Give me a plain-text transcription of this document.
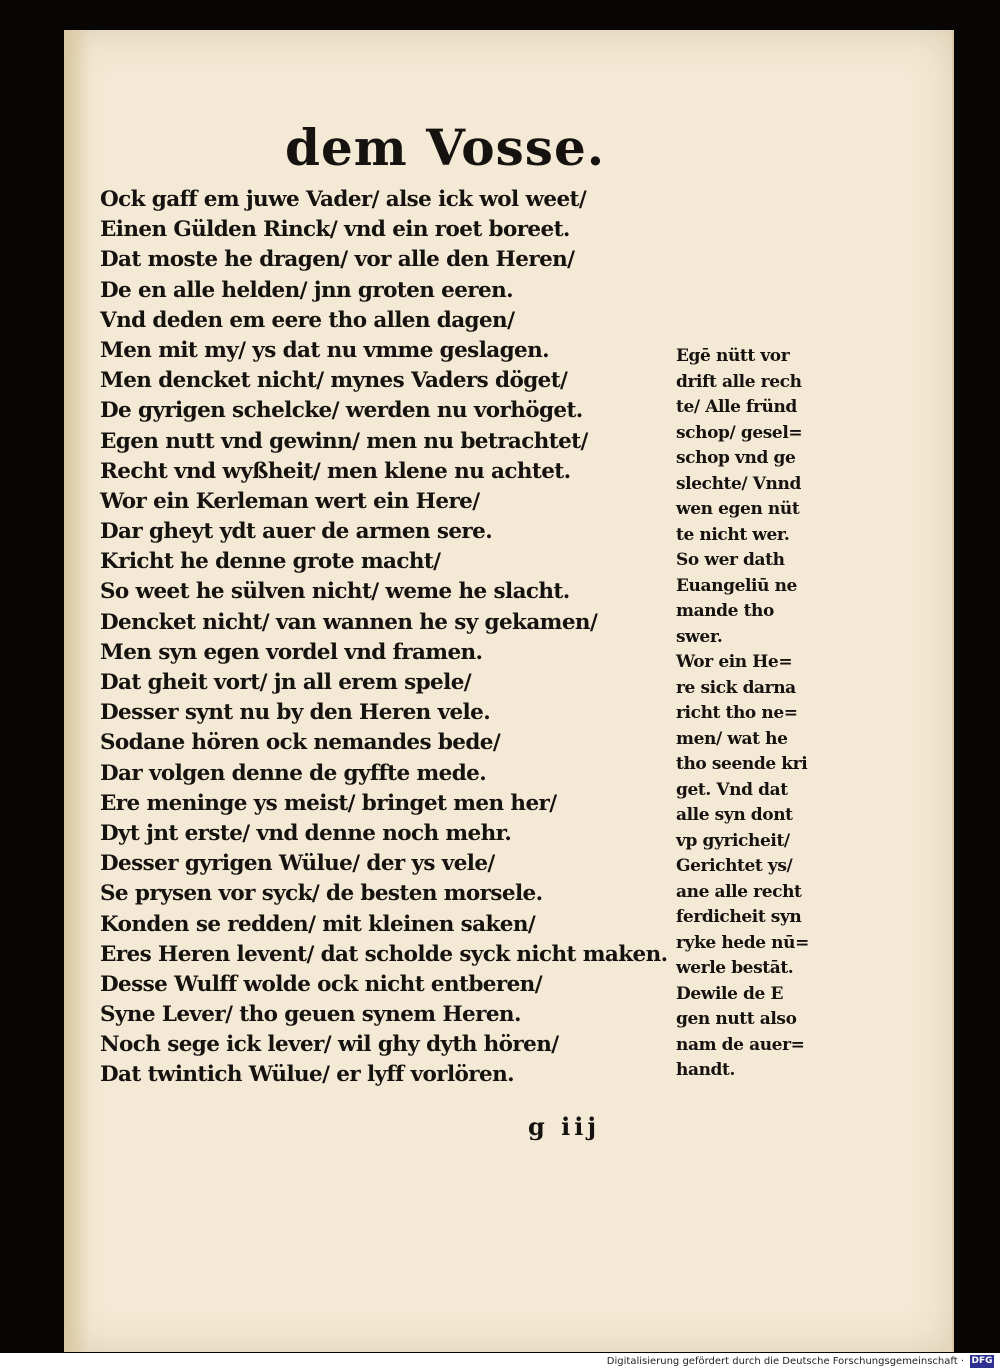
dem Vosse.
Ock gaff em juwe Vader/ alse ick wol weet/
Einen Gülden Rinck/ vnd ein roet boreet.
Dat moste he dragen/ vor alle den Heren/
De en alle helden/ jnn groten eeren.
Vnd deden em eere tho allen dagen/
Men mit my/ ys dat nu vmme geslagen.
Men dencket nicht/ mynes Vaders döget/
De gyrigen schelcke/ werden nu vorhöget.
Egen nutt vnd gewinn/ men nu betrachtet/
Recht vnd wyßheit/ men klene nu achtet.
Wor ein Kerleman wert ein Here/
Dar gheyt ydt auer de armen sere.
Kricht he denne grote macht/
So weet he sülven nicht/ weme he slacht.
Dencket nicht/ van wannen he sy gekamen/
Men syn egen vordel vnd framen.
Dat gheit vort/ jn all erem spele/
Desser synt nu by den Heren vele.
Sodane hören ock nemandes bede/
Dar volgen denne de gyffte mede.
Ere meninge ys meist/ bringet men her/
Dyt jnt erste/ vnd denne noch mehr.
Desser gyrigen Wülue/ der ys vele/
Se prysen vor syck/ de besten morsele.
Konden se redden/ mit kleinen saken/
Eres Heren levent/ dat scholde syck nicht maken.
Desse Wulff wolde ock nicht entberen/
Syne Lever/ tho geuen synem Heren.
Noch sege ick lever/ wil ghy dyth hören/
Dat twintich Wülue/ er lyff vorlören.
Egē nütt vor
drift alle rech
te/ Alle fründ
schop/ gesel=
schop vnd ge
slechte/ Vnnd
wen egen nüt
te nicht wer.
So wer dath
Euangeliū ne
mande tho
swer.
Wor ein He=
re sick darna
richt tho ne=
men/ wat he
tho seende kri
get. Vnd dat
alle syn dont
vp gyricheit/
Gerichtet ys/
ane alle recht
ferdicheit syn
ryke hede nū=
werle bestāt.
Dewile de E
gen nutt also
nam de auer=
handt.
g iij
Digitalisierung gefördert durch die Deutsche Forschungsgemeinschaft · DFG
